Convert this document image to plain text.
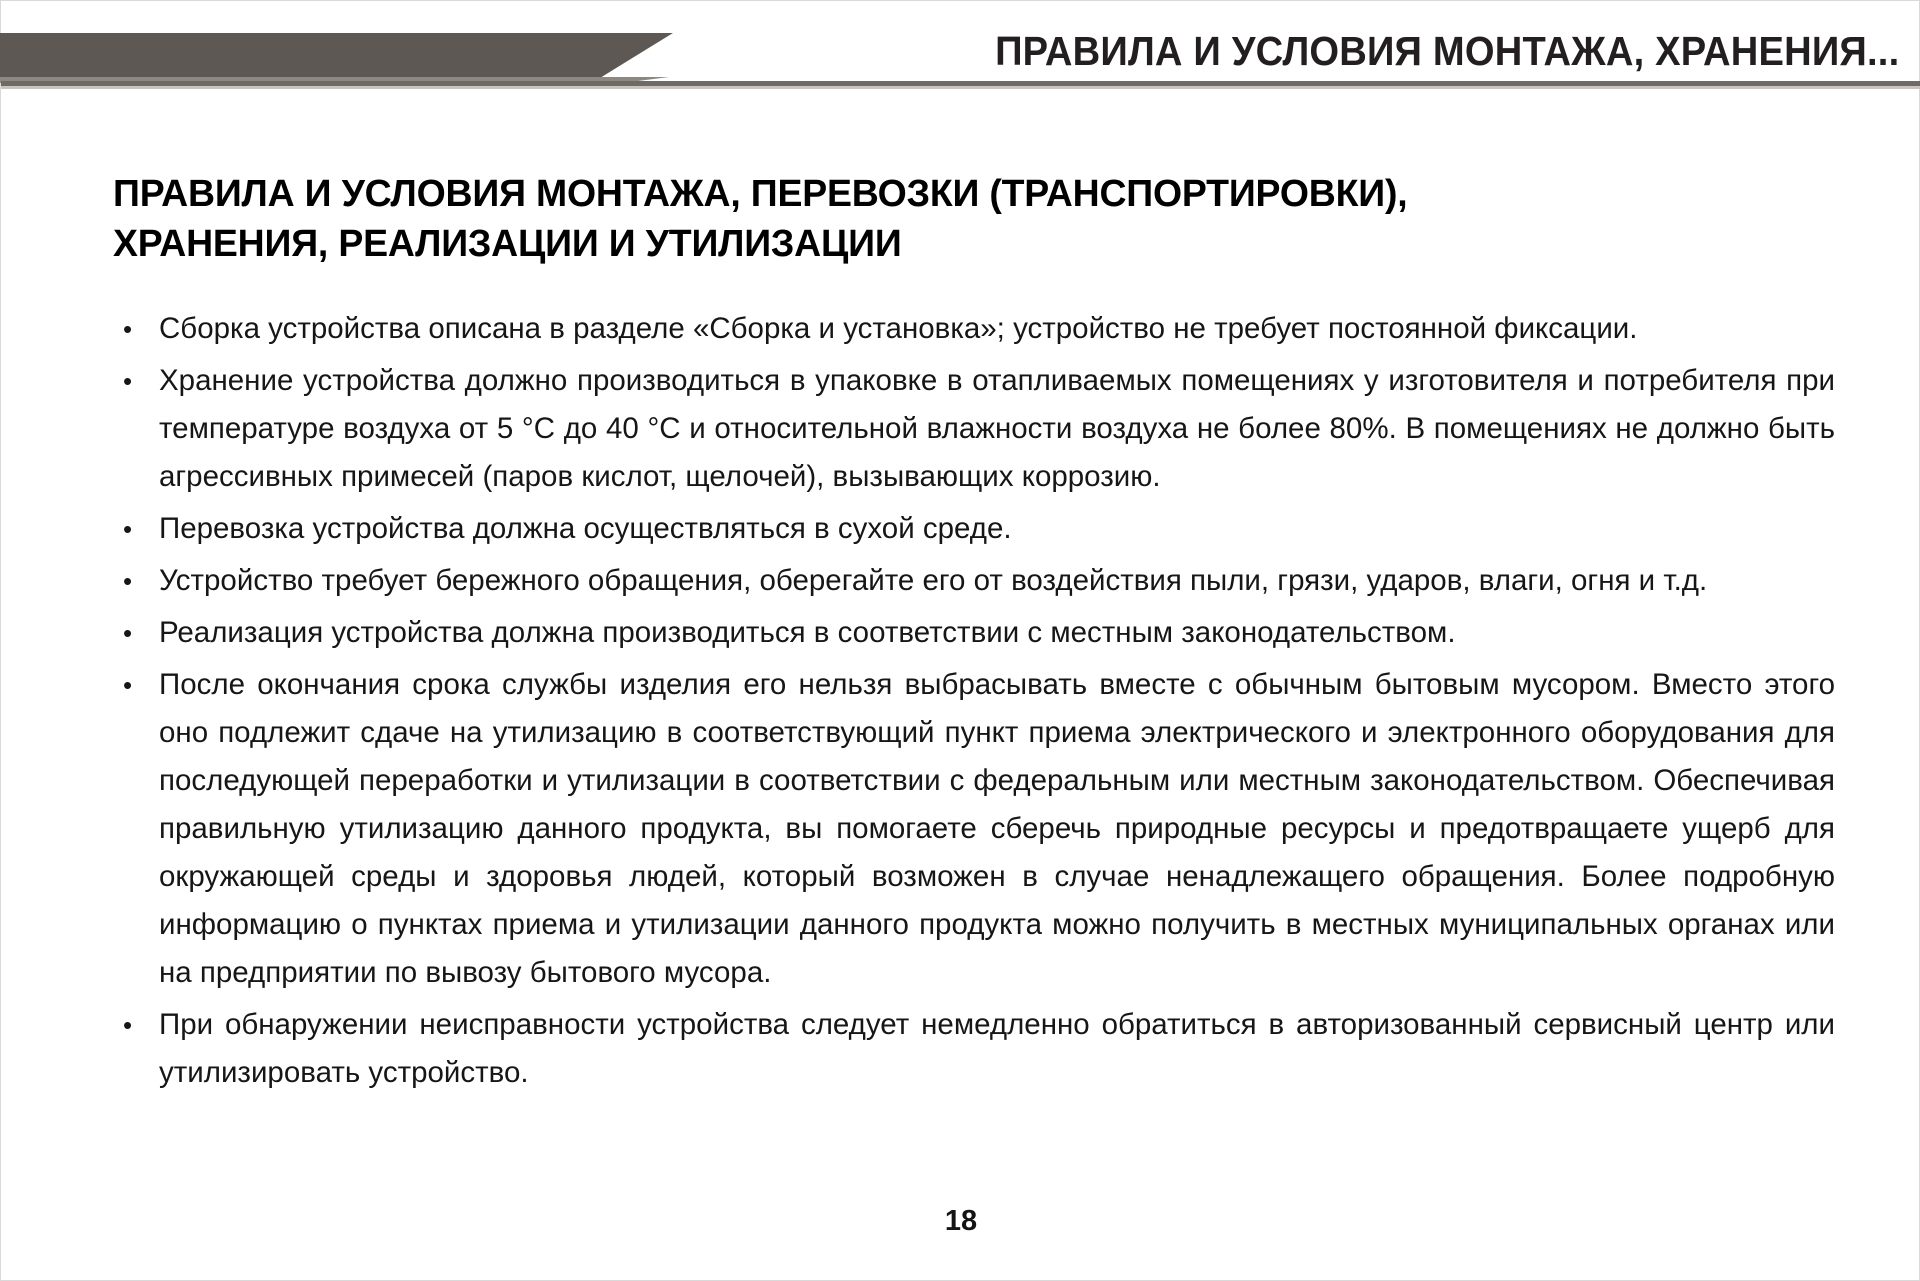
ПРАВИЛА И УСЛОВИЯ МОНТАЖА, ХРАНЕНИЯ...
ПРАВИЛА И УСЛОВИЯ МОНТАЖА, ПЕРЕВОЗКИ (ТРАНСПОРТИРОВКИ),
ХРАНЕНИЯ, РЕАЛИЗАЦИИ И УТИЛИЗАЦИИ
• Сборка устройства описана в разделе «Сборка и установка»; устройство не требует постоянной фиксации.
• Хранение устройства должно производиться в упаковке в отапливаемых помещениях у изготовителя и потребителя при температуре воздуха от 5 °C до 40 °C и относительной влажности воздуха не более 80%. В помещениях не должно быть агрессивных примесей (паров кислот, щелочей), вызывающих коррозию.
• Перевозка устройства должна осуществляться в сухой среде.
• Устройство требует бережного обращения, оберегайте его от воздействия пыли, грязи, ударов, влаги, огня и т.д.
• Реализация устройства должна производиться в соответствии с местным законодательством.
• После окончания срока службы изделия его нельзя выбрасывать вместе с обычным бытовым мусором. Вместо этого оно подлежит сдаче на утилизацию в соответствующий пункт приема электрического и электронного оборудования для последующей переработки и утилизации в соответствии с федеральным или местным законодательством. Обеспечивая правильную утилизацию данного продукта, вы помогаете сберечь природные ресурсы и предотвращаете ущерб для окружающей среды и здоровья людей, который возможен в случае ненадлежащего обращения. Более подробную информацию о пунктах приема и утилизации данного продукта можно получить в местных муниципальных органах или на предприятии по вывозу бытового мусора.
• При обнаружении неисправности устройства следует немедленно обратиться в авторизованный сервисный центр или утилизировать устройство.
18
